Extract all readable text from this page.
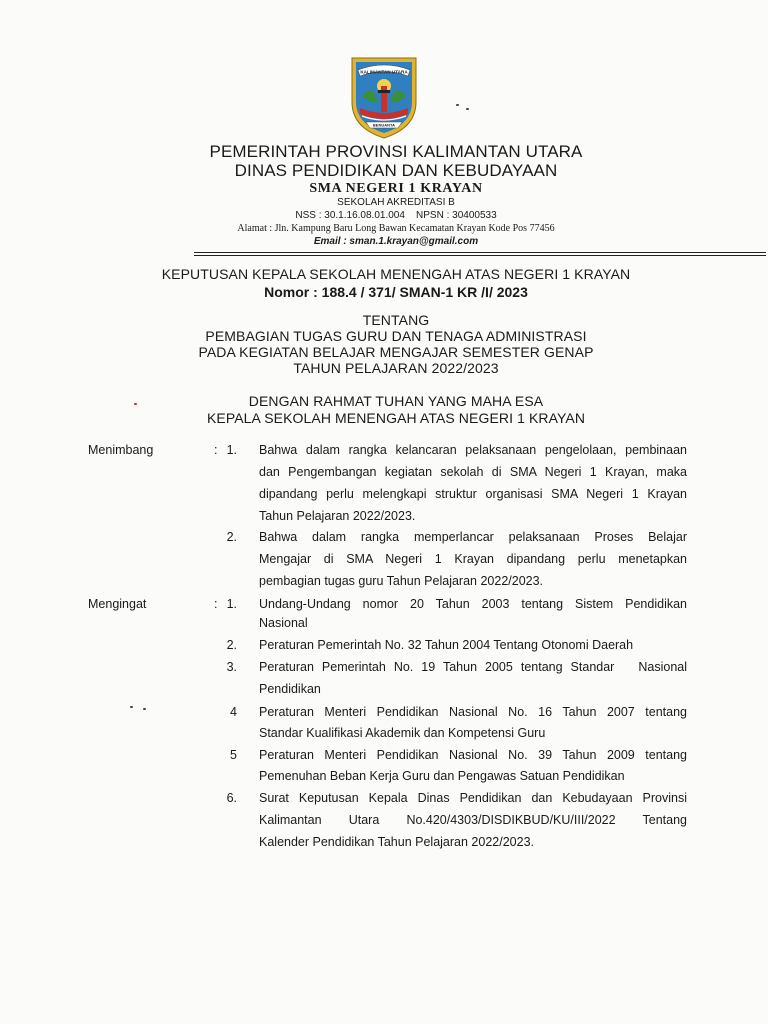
KALIMANTAN UTARA
BENUANTA
PEMERINTAH PROVINSI KALIMANTAN UTARA
DINAS PENDIDIKAN DAN KEBUDAYAAN
SMA NEGERI 1 KRAYAN
SEKOLAH AKREDITASI B
NSS : 30.1.16.08.01.004    NPSN : 30400533
Alamat : Jln. Kampung Baru Long Bawan Kecamatan Krayan Kode Pos 77456
Email : sman.1.krayan@gmail.com
KEPUTUSAN KEPALA SEKOLAH MENENGAH ATAS NEGERI 1 KRAYAN
Nomor : 188.4 / 371/ SMAN-1 KR /I/ 2023
TENTANG
PEMBAGIAN TUGAS GURU DAN TENAGA ADMINISTRASI
PADA KEGIATAN BELAJAR MENGAJAR SEMESTER GENAP
TAHUN PELAJARAN 2022/2023
DENGAN RAHMAT TUHAN YANG MAHA ESA
KEPALA SEKOLAH MENENGAH ATAS NEGERI 1 KRAYAN
Menimbang	: 1. Bahwa dalam rangka kelancaran pelaksanaan pengelolaan, pembinaan
dan Pengembangan kegiatan sekolah di SMA Negeri 1 Krayan, maka
dipandang perlu melengkapi struktur organisasi SMA Negeri 1 Krayan
Tahun Pelajaran 2022/2023.
2. Bahwa dalam rangka memperlancar pelaksanaan Proses Belajar
Mengajar di SMA Negeri 1 Krayan dipandang perlu menetapkan
pembagian tugas guru Tahun Pelajaran 2022/2023.
Mengingat	: 1. Undang-Undang nomor 20 Tahun 2003 tentang Sistem Pendidikan
Nasional
2. Peraturan Pemerintah No. 32 Tahun 2004 Tentang Otonomi Daerah
3. Peraturan Pemerintah No. 19 Tahun 2005 tentang Standar   Nasional
Pendidikan
4 Peraturan Menteri Pendidikan Nasional No. 16 Tahun 2007 tentang
Standar Kualifikasi Akademik dan Kompetensi Guru
5 Peraturan Menteri Pendidikan Nasional No. 39 Tahun 2009 tentang
Pemenuhan Beban Kerja Guru dan Pengawas Satuan Pendidikan
6. Surat Keputusan Kepala Dinas Pendidikan dan Kebudayaan Provinsi
Kalimantan    Utara    No.420/4303/DISDIKBUD/KU/III/2022    Tentang
Kalender Pendidikan Tahun Pelajaran 2022/2023.
